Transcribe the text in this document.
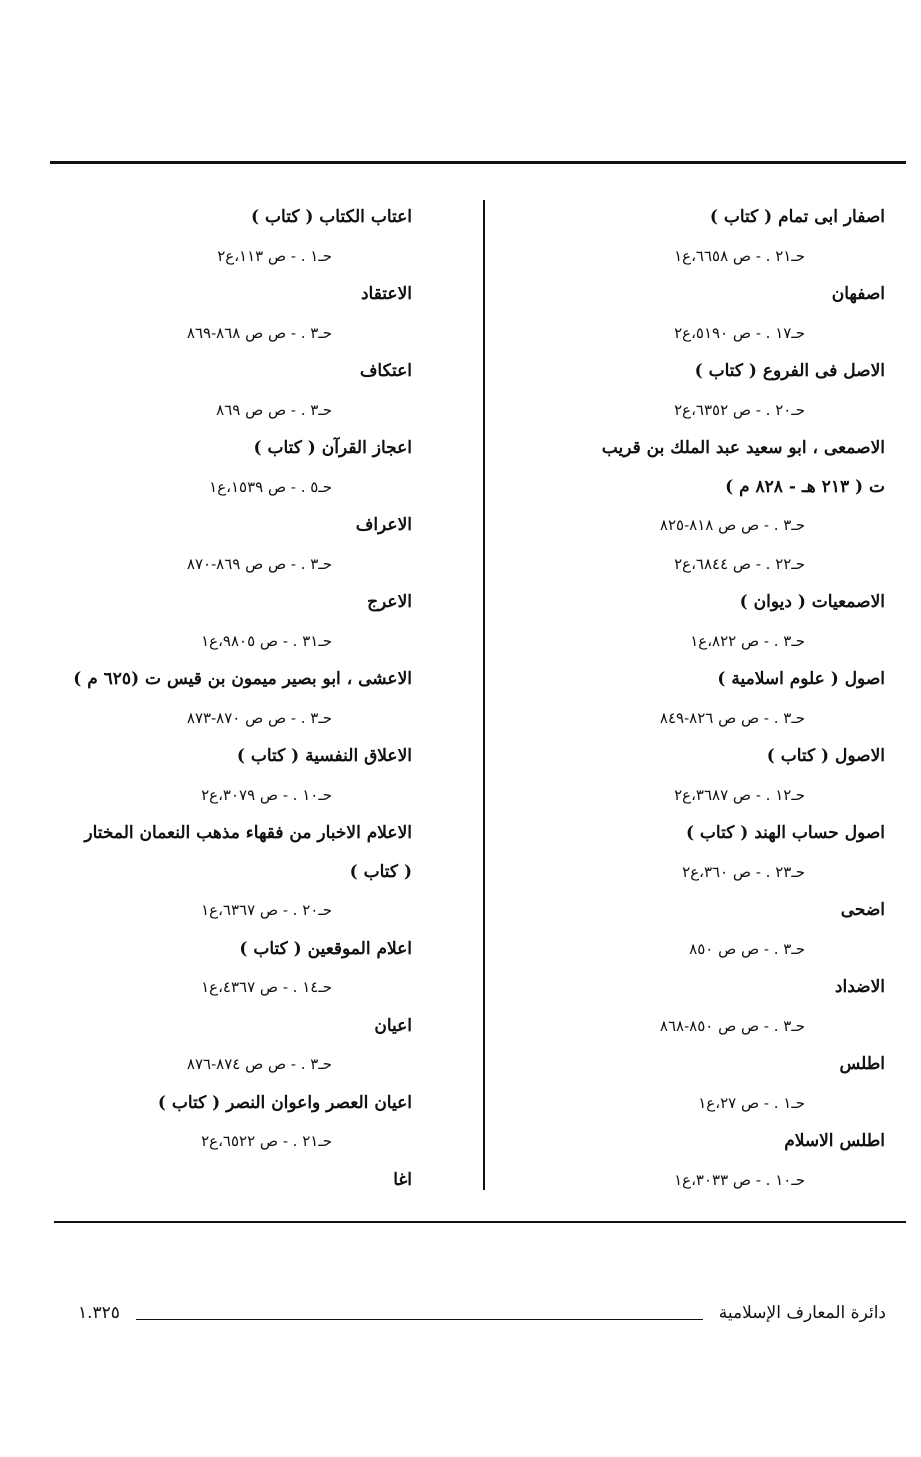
اصفار ابى تمام ( كتاب )
حـ٢١ . - ص ٦٦٥٨،ع١
اصفهان
حـ١٧ . - ص ٥١٩٠،ع٢
الاصل فى الفروع ( كتاب )
حـ٢٠ . - ص ٦٣٥٢،ع٢
الاصمعى ، ابو سعيد عبد الملك بن قريب
ت ( ٢١٣ هـ - ٨٢٨ م )
حـ٣ . - ص ص ٨١٨-٨٢٥
حـ٢٢ . - ص ٦٨٤٤،ع٢
الاصمعيات ( ديوان )
حـ٣ . - ص ٨٢٢،ع١
اصول ( علوم اسلامية )
حـ٣ . - ص ص ٨٢٦-٨٤٩
الاصول ( كتاب )
حـ١٢ . - ص ٣٦٨٧،ع٢
اصول حساب الهند ( كتاب )
حـ٢٣ . - ص ٣٦٠،ع٢
اضحى
حـ٣ . - ص ص ٨٥٠
الاضداد
حـ٣ . - ص ص ٨٥٠-٨٦٨
اطلس
حـ١ . - ص ٢٧،ع١
اطلس الاسلام
حـ١٠ . - ص ٣٠٣٣،ع١
اعتاب الكتاب ( كتاب )
حـ١ . - ص ١١٣،ع٢
الاعتقاد
حـ٣ . - ص ص ٨٦٨-٨٦٩
اعتكاف
حـ٣ . - ص ص ٨٦٩
اعجاز القرآن ( كتاب )
حـ٥ . - ص ١٥٣٩،ع١
الاعراف
حـ٣ . - ص ص ٨٦٩-٨٧٠
الاعرج
حـ٣١ . - ص ٩٨٠٥،ع١
الاعشى ، ابو بصير ميمون بن قيس ت (٦٢٥ م )
حـ٣ . - ص ص ٨٧٠-٨٧٣
الاعلاق النفسية ( كتاب )
حـ١٠ . - ص ٣٠٧٩،ع٢
الاعلام الاخبار من فقهاء مذهب النعمان المختار
( كتاب )
حـ٢٠ . - ص ٦٣٦٧،ع١
اعلام الموقعين ( كتاب )
حـ١٤ . - ص ٤٣٦٧،ع١
اعيان
حـ٣ . - ص ص ٨٧٤-٨٧٦
اعيان العصر واعوان النصر ( كتاب )
حـ٢١ . - ص ٦٥٢٢،ع٢
اغا
دائرة المعارف الإسلامية
١.٣٢٥
